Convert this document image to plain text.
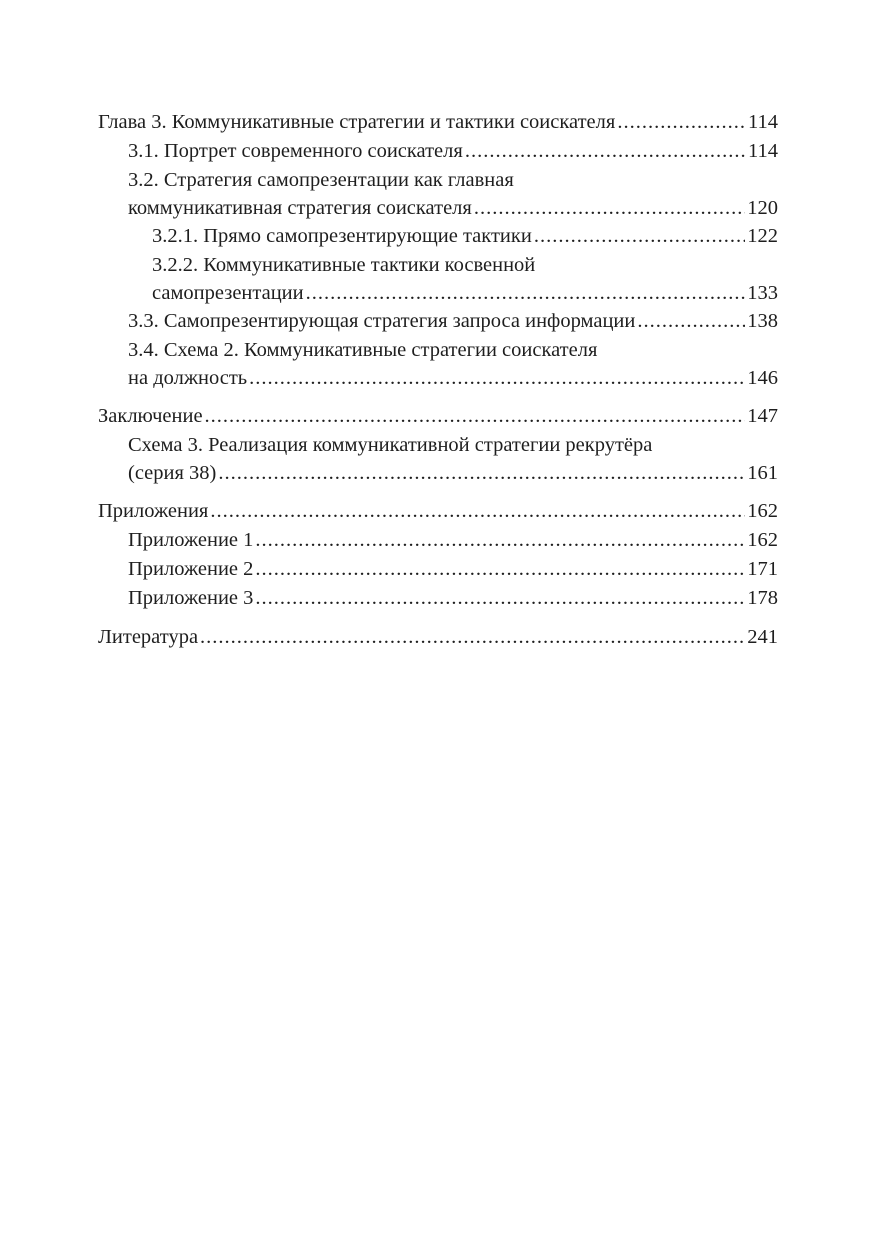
Глава 3. Коммуникативные стратегии и тактики соискателя .....	114
3.1. Портрет современного соискателя .....	114
3.2. Стратегия самопрезентации как главная
коммуникативная стратегия соискателя .....	120
3.2.1. Прямо самопрезентирующие тактики .....	122
3.2.2. Коммуникативные тактики косвенной
самопрезентации .....	133
3.3. Самопрезентирующая стратегия запроса информации .....	138
3.4. Схема 2. Коммуникативные стратегии соискателя
на должность .....	146
Заключение .....	147
Схема 3. Реализация коммуникативной стратегии рекрутёра
(серия 38) .....	161
Приложения .....	162
Приложение 1 .....	162
Приложение 2 .....	171
Приложение 3 .....	178
Литература .....	241
